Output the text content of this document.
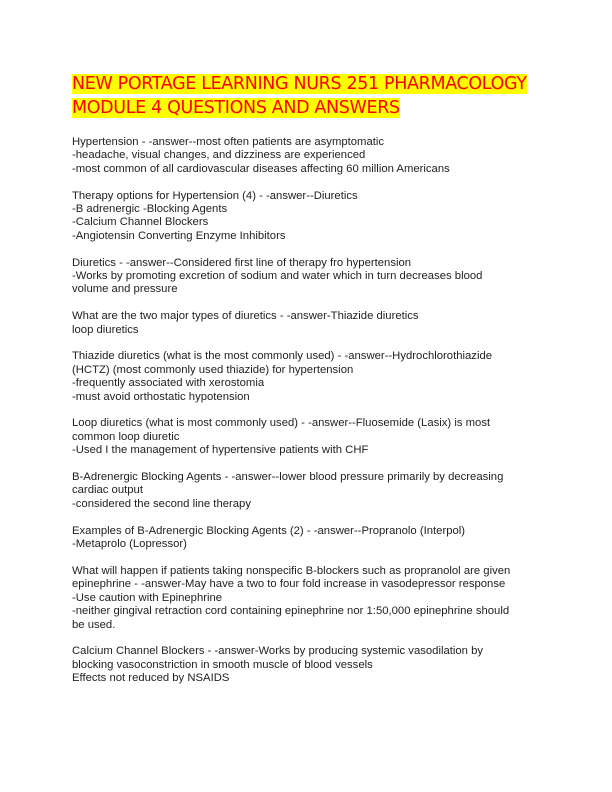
NEW PORTAGE LEARNING NURS 251 PHARMACOLOGY
MODULE 4 QUESTIONS AND ANSWERS
Hypertension - -answer--most often patients are asymptomatic
-headache, visual changes, and dizziness are experienced
-most common of all cardiovascular diseases affecting 60 million Americans
Therapy options for Hypertension (4) - -answer--Diuretics
-B adrenergic -Blocking Agents
-Calcium Channel Blockers
-Angiotensin Converting Enzyme Inhibitors
Diuretics - -answer--Considered first line of therapy fro hypertension
-Works by promoting excretion of sodium and water which in turn decreases blood
volume and pressure
What are the two major types of diuretics - -answer-Thiazide diuretics
loop diuretics
Thiazide diuretics (what is the most commonly used) - -answer--Hydrochlorothiazide
(HCTZ) (most commonly used thiazide) for hypertension
-frequently associated with xerostomia
-must avoid orthostatic hypotension
Loop diuretics (what is most commonly used) - -answer--Fluosemide (Lasix) is most
common loop diuretic
-Used I the management of hypertensive patients with CHF
B-Adrenergic Blocking Agents - -answer--lower blood pressure primarily by decreasing
cardiac output
-considered the second line therapy
Examples of B-Adrenergic Blocking Agents (2) - -answer--Propranolo (Interpol)
-Metaprolo (Lopressor)
What will happen if patients taking nonspecific B-blockers such as propranolol are given
epinephrine - -answer-May have a two to four fold increase in vasodepressor response
-Use caution with Epinephrine
-neither gingival retraction cord containing epinephrine nor 1:50,000 epinephrine should
be used.
Calcium Channel Blockers - -answer-Works by producing systemic vasodilation by
blocking vasoconstriction in smooth muscle of blood vessels
Effects not reduced by NSAIDS
